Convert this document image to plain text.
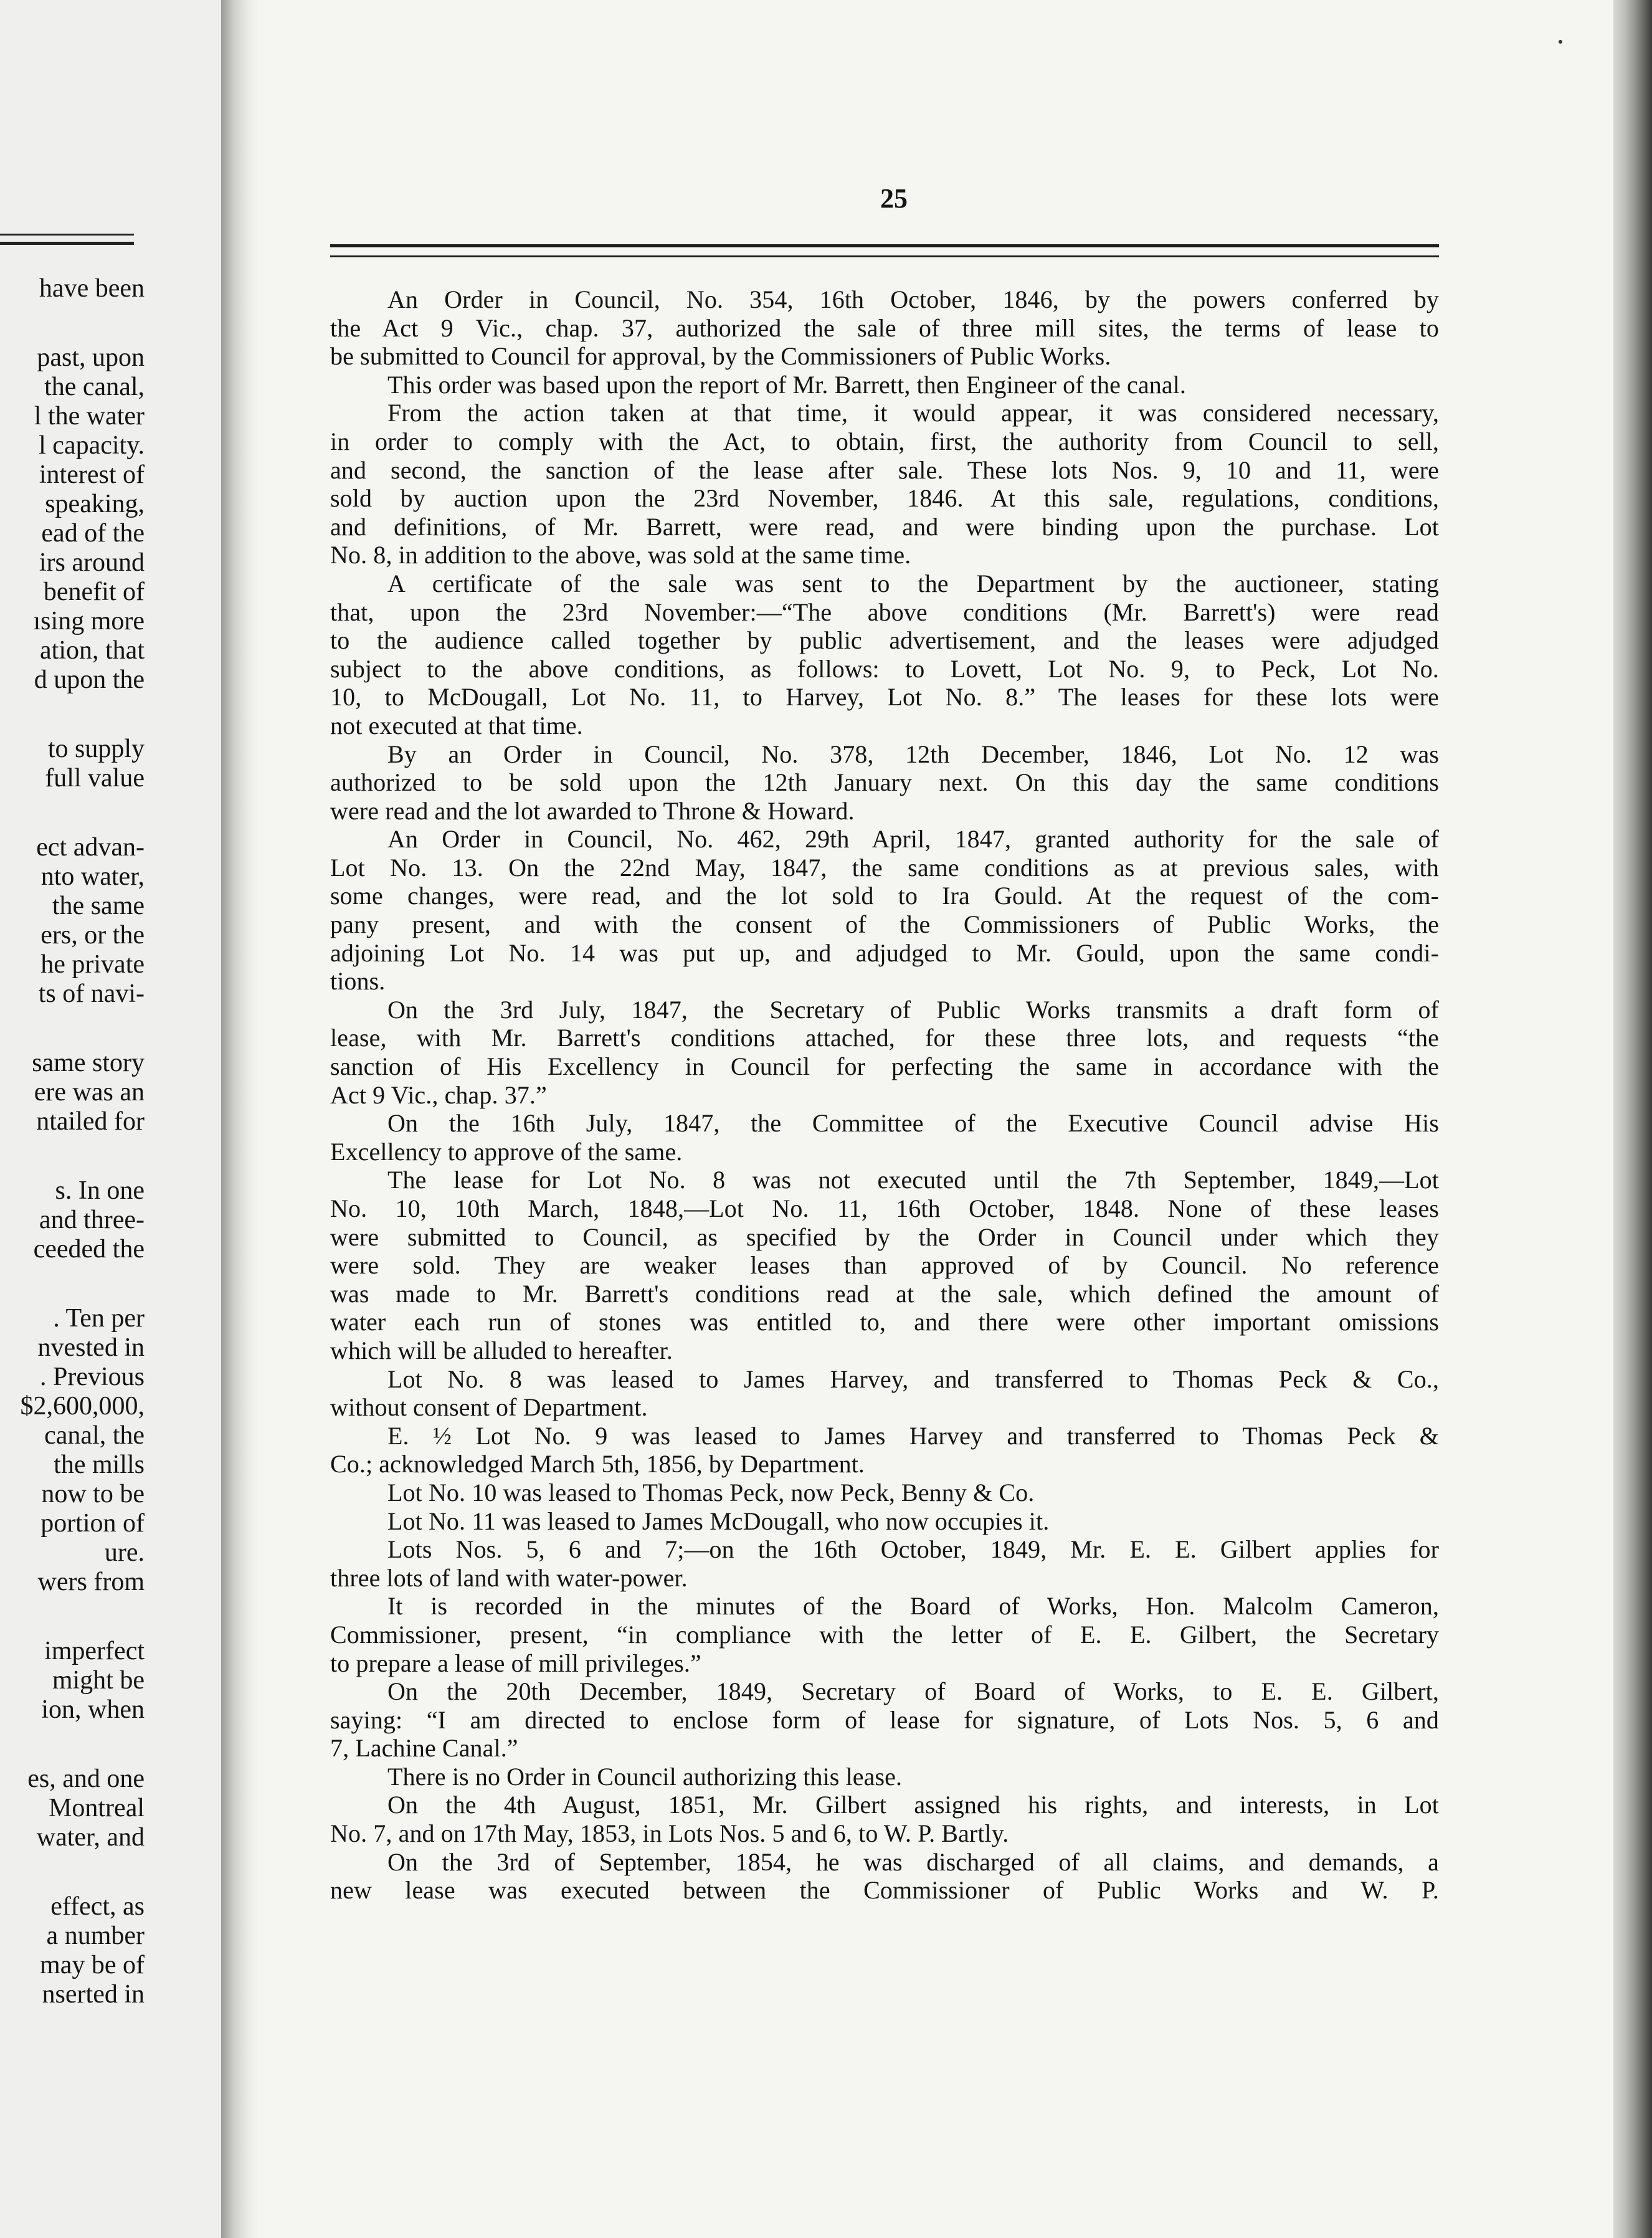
have been
past, upon
the canal,
l the water
l capacity.
interest of
speaking,
ead of the
irs around
benefit of
ısing more
ation, that
d upon the
to supply
full value
ect advan-
nto water,
the same
ers, or the
he private
ts of navi-
same story
ere was an
ntailed for
s. In one
and three-
ceeded the
. Ten per
nvested in
. Previous
$2,600,000,
canal, the
the mills
now to be
portion of
ure.
wers from
imperfect
might be
ion, when
es, and one
Montreal
water, and
effect, as
a number
may be of
nserted in
25
An Order in Council, No. 354, 16th October, 1846, by the powers conferred by
the Act 9 Vic., chap. 37, authorized the sale of three mill sites, the terms of lease to
be submitted to Council for approval, by the Commissioners of Public Works.
This order was based upon the report of Mr. Barrett, then Engineer of the canal.
From the action taken at that time, it would appear, it was considered necessary,
in order to comply with the Act, to obtain, first, the authority from Council to sell,
and second, the sanction of the lease after sale. These lots Nos. 9, 10 and 11, were
sold by auction upon the 23rd November, 1846. At this sale, regulations, conditions,
and definitions, of Mr. Barrett, were read, and were binding upon the purchase. Lot
No. 8, in addition to the above, was sold at the same time.
A certificate of the sale was sent to the Department by the auctioneer, stating
that, upon the 23rd November:—“The above conditions (Mr. Barrett's) were read
to the audience called together by public advertisement, and the leases were adjudged
subject to the above conditions, as follows: to Lovett, Lot No. 9, to Peck, Lot No.
10, to McDougall, Lot No. 11, to Harvey, Lot No. 8.” The leases for these lots were
not executed at that time.
By an Order in Council, No. 378, 12th December, 1846, Lot No. 12 was
authorized to be sold upon the 12th January next. On this day the same conditions
were read and the lot awarded to Throne & Howard.
An Order in Council, No. 462, 29th April, 1847, granted authority for the sale of
Lot No. 13. On the 22nd May, 1847, the same conditions as at previous sales, with
some changes, were read, and the lot sold to Ira Gould. At the request of the com-
pany present, and with the consent of the Commissioners of Public Works, the
adjoining Lot No. 14 was put up, and adjudged to Mr. Gould, upon the same condi-
tions.
On the 3rd July, 1847, the Secretary of Public Works transmits a draft form of
lease, with Mr. Barrett's conditions attached, for these three lots, and requests “the
sanction of His Excellency in Council for perfecting the same in accordance with the
Act 9 Vic., chap. 37.”
On the 16th July, 1847, the Committee of the Executive Council advise His
Excellency to approve of the same.
The lease for Lot No. 8 was not executed until the 7th September, 1849,—Lot
No. 10, 10th March, 1848,—Lot No. 11, 16th October, 1848. None of these leases
were submitted to Council, as specified by the Order in Council under which they
were sold. They are weaker leases than approved of by Council. No reference
was made to Mr. Barrett's conditions read at the sale, which defined the amount of
water each run of stones was entitled to, and there were other important omissions
which will be alluded to hereafter.
Lot No. 8 was leased to James Harvey, and transferred to Thomas Peck & Co.,
without consent of Department.
E. ½ Lot No. 9 was leased to James Harvey and transferred to Thomas Peck &
Co.; acknowledged March 5th, 1856, by Department.
Lot No. 10 was leased to Thomas Peck, now Peck, Benny & Co.
Lot No. 11 was leased to James McDougall, who now occupies it.
Lots Nos. 5, 6 and 7;—on the 16th October, 1849, Mr. E. E. Gilbert applies for
three lots of land with water-power.
It is recorded in the minutes of the Board of Works, Hon. Malcolm Cameron,
Commissioner, present, “in compliance with the letter of E. E. Gilbert, the Secretary
to prepare a lease of mill privileges.”
On the 20th December, 1849, Secretary of Board of Works, to E. E. Gilbert,
saying: “I am directed to enclose form of lease for signature, of Lots Nos. 5, 6 and
7, Lachine Canal.”
There is no Order in Council authorizing this lease.
On the 4th August, 1851, Mr. Gilbert assigned his rights, and interests, in Lot
No. 7, and on 17th May, 1853, in Lots Nos. 5 and 6, to W. P. Bartly.
On the 3rd of September, 1854, he was discharged of all claims, and demands, a
new lease was executed between the Commissioner of Public Works and W. P.
